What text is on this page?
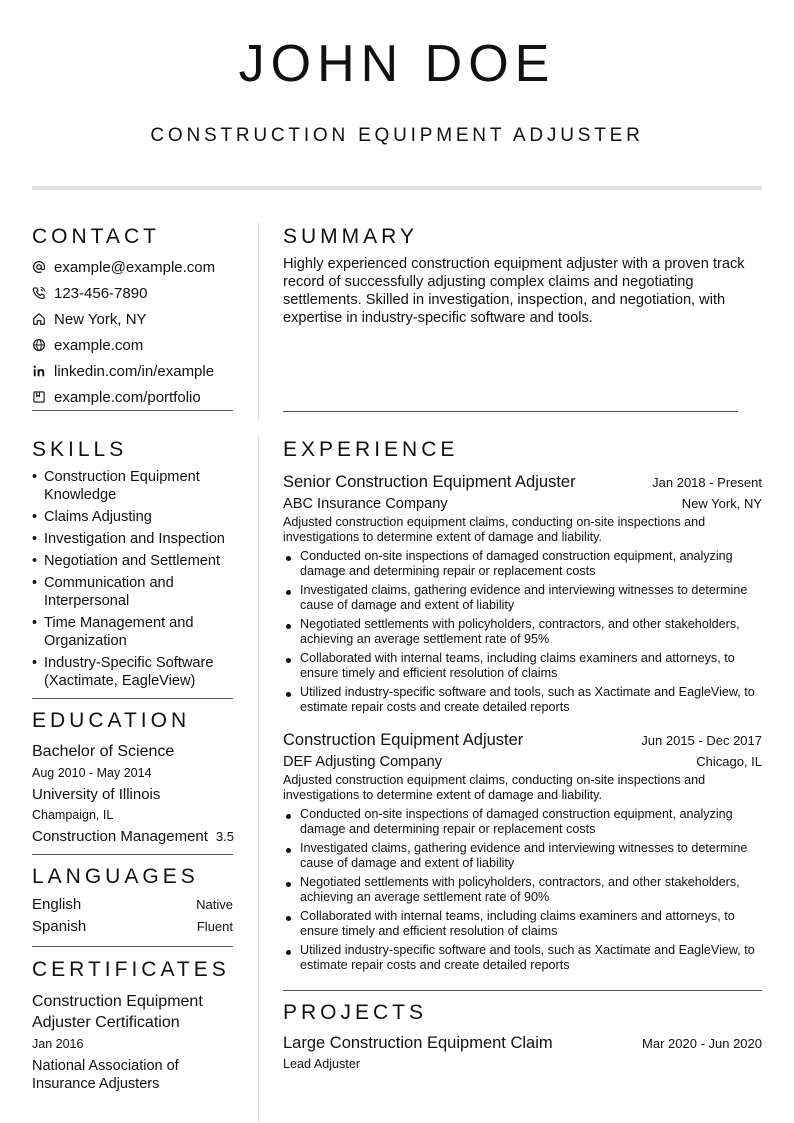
JOHN DOE
CONSTRUCTION EQUIPMENT ADJUSTER
CONTACT
example@example.com
123-456-7890
New York, NY
example.com
linkedin.com/in/example
example.com/portfolio
SKILLS
• Construction Equipment Knowledge
• Claims Adjusting
• Investigation and Inspection
• Negotiation and Settlement
• Communication and Interpersonal
• Time Management and Organization
• Industry-Specific Software (Xactimate, EagleView)
EDUCATION
Bachelor of Science
Aug 2010 - May 2014
University of Illinois
Champaign, IL
Construction Management 3.5
LANGUAGES
English	Native
Spanish	Fluent
CERTIFICATES
Construction Equipment Adjuster Certification
Jan 2016
National Association of Insurance Adjusters
SUMMARY

Highly experienced construction equipment adjuster with a proven track record of successfully adjusting complex claims and negotiating settlements. Skilled in investigation, inspection, and negotiation, with expertise in industry-specific software and tools.

EXPERIENCE
Senior Construction Equipment Adjuster	Jan 2018 - Present
ABC Insurance Company	New York, NY

Adjusted construction equipment claims, conducting on-site inspections and investigations to determine extent of damage and liability.

Conducted on-site inspections of damaged construction equipment, analyzing damage and determining repair or replacement costs
Investigated claims, gathering evidence and interviewing witnesses to determine cause of damage and extent of liability
Negotiated settlements with policyholders, contractors, and other stakeholders, achieving an average settlement rate of 95%
Collaborated with internal teams, including claims examiners and attorneys, to ensure timely and efficient resolution of claims
Utilized industry-specific software and tools, such as Xactimate and EagleView, to estimate repair costs and create detailed reports
Construction Equipment Adjuster	Jun 2015 - Dec 2017
DEF Adjusting Company	Chicago, IL

Adjusted construction equipment claims, conducting on-site inspections and investigations to determine extent of damage and liability.

Conducted on-site inspections of damaged construction equipment, analyzing damage and determining repair or replacement costs
Investigated claims, gathering evidence and interviewing witnesses to determine cause of damage and extent of liability
Negotiated settlements with policyholders, contractors, and other stakeholders, achieving an average settlement rate of 90%
Collaborated with internal teams, including claims examiners and attorneys, to ensure timely and efficient resolution of claims
Utilized industry-specific software and tools, such as Xactimate and EagleView, to estimate repair costs and create detailed reports
PROJECTS
Large Construction Equipment Claim	Mar 2020 - Jun 2020
Lead Adjuster
